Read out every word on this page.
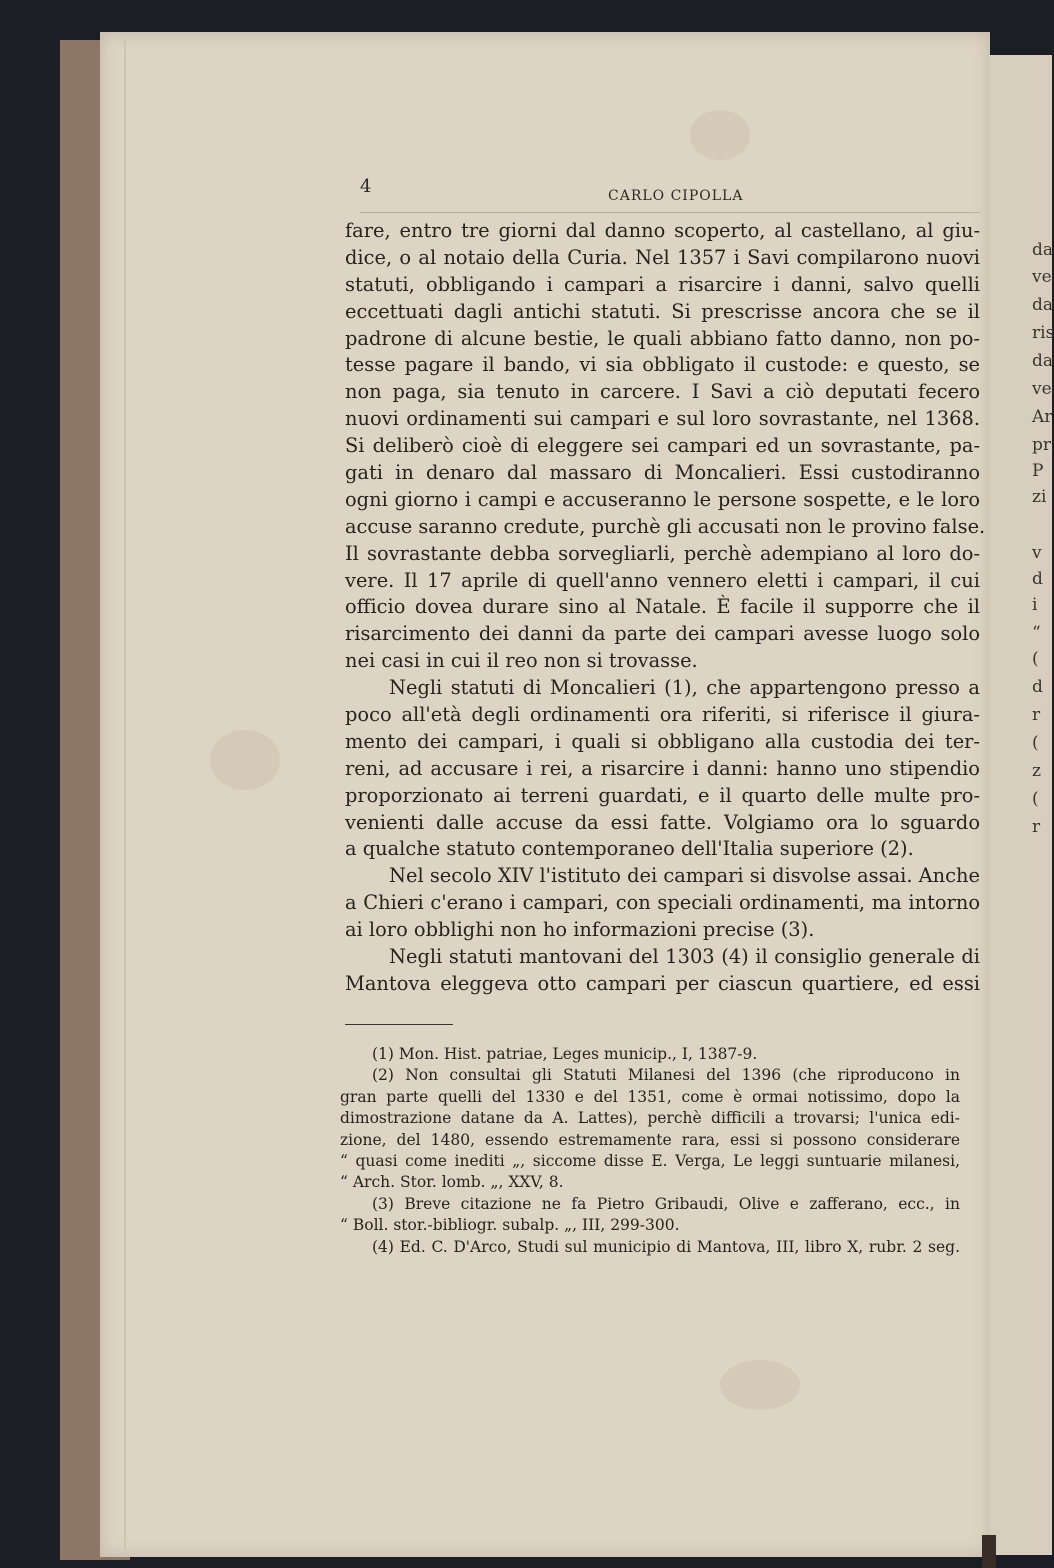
da
ve
da
ris
da
ve
Ar
pr
P
zi
v
d
i
“
(
d
r
(
z
(
r
4	CARLO CIPOLLA
fare, entro tre giorni dal danno scoperto, al castellano, al giu-
dice, o al notaio della Curia. Nel 1357 i Savi compilarono nuovi
statuti, obbligando i campari a risarcire i danni, salvo quelli
eccettuati dagli antichi statuti. Si prescrisse ancora che se il
padrone di alcune bestie, le quali abbiano fatto danno, non po-
tesse pagare il bando, vi sia obbligato il custode: e questo, se
non paga, sia tenuto in carcere. I Savi a ciò deputati fecero
nuovi ordinamenti sui campari e sul loro sovrastante, nel 1368.
Si deliberò cioè di eleggere sei campari ed un sovrastante, pa-
gati in denaro dal massaro di Moncalieri. Essi custodiranno
ogni giorno i campi e accuseranno le persone sospette, e le loro
accuse saranno credute, purchè gli accusati non le provino false.
Il sovrastante debba sorvegliarli, perchè adempiano al loro do-
vere. Il 17 aprile di quell'anno vennero eletti i campari, il cui
officio dovea durare sino al Natale. È facile il supporre che il
risarcimento dei danni da parte dei campari avesse luogo solo
nei casi in cui il reo non si trovasse.
Negli statuti di Moncalieri (1), che appartengono presso a
poco all'età degli ordinamenti ora riferiti, si riferisce il giura-
mento dei campari, i quali si obbligano alla custodia dei ter-
reni, ad accusare i rei, a risarcire i danni: hanno uno stipendio
proporzionato ai terreni guardati, e il quarto delle multe pro-
venienti dalle accuse da essi fatte. Volgiamo ora lo sguardo
a qualche statuto contemporaneo dell'Italia superiore (2).
Nel secolo XIV l'istituto dei campari si disvolse assai. Anche
a Chieri c'erano i campari, con speciali ordinamenti, ma intorno
ai loro obblighi non ho informazioni precise (3).
Negli statuti mantovani del 1303 (4) il consiglio generale di
Mantova eleggeva otto campari per ciascun quartiere, ed essi
(1) Mon. Hist. patriae, Leges municip., I, 1387-9.
(2) Non consultai gli Statuti Milanesi del 1396 (che riproducono in
gran parte quelli del 1330 e del 1351, come è ormai notissimo, dopo la
dimostrazione datane da A. Lattes), perchè difficili a trovarsi; l'unica edi-
zione, del 1480, essendo estremamente rara, essi si possono considerare
“ quasi come inediti „, siccome disse E. Verga, Le leggi suntuarie milanesi,
“ Arch. Stor. lomb. „, XXV, 8.
(3) Breve citazione ne fa Pietro Gribaudi, Olive e zafferano, ecc., in
“ Boll. stor.-bibliogr. subalp. „, III, 299-300.
(4) Ed. C. D'Arco, Studi sul municipio di Mantova, III, libro X, rubr. 2 seg.
